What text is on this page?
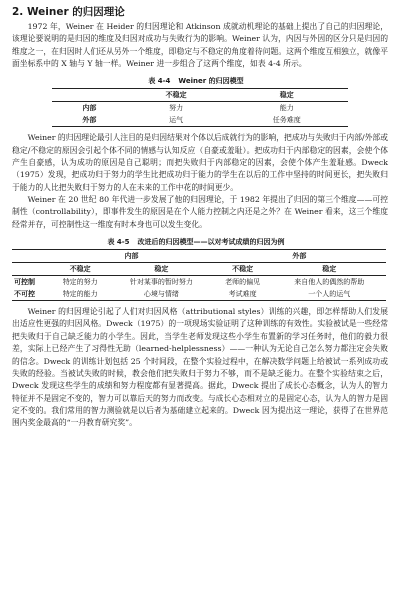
2. Weiner 的归因理论

1972 年，Weiner 在 Heider 的归因理论和 Atkinson 成就动机理论的基础上提出了自己的归因理论，该理论要说明的是归因的维度及归因对成功与失败行为的影响。Weiner 认为，内因与外因的区分只是归因的维度之一，在归因时人们还从另外一个维度，即稳定与不稳定的角度着待问题。这两个维度互相独立，就像平面坐标系中的 X 轴与 Y 轴一样。Weiner 进一步组合了这两个维度，如表 4-4 所示。

表 4-4 Weiner 的归因模型
	不稳定	稳定
内部	努力	能力
外部	运气	任务难度

Weiner 的归因理论最引人注目的是归因结果对个体以后成就行为的影响，把成功与失败归于内部/外部或稳定/不稳定的原因会引起个体不同的情感与认知反应（自豪或羞耻）。把成功归于内部稳定的因素，会使个体产生自豪感，认为成功的原因是自己聪明；而把失败归于内部稳定的因素，会使个体产生羞耻感。Dweck（1975）发现，把成功归于努力的学生比把成功归于能力的学生在以后的工作中坚持的时间更长，把失败归于能力的人比把失败归于努力的人在未来的工作中花的时间更少。

Weiner 在 20 世纪 80 年代进一步发展了他的归因理论，于 1982 年提出了归因的第三个维度——可控制性（controllability），即事件发生的原因是在个人能力控制之内还是之外？在 Weiner 看来，这三个维度经常并存，可控制性这一维度有时本身也可以发生变化。

表 4-5 改进后的归因模型——以对考试成绩的归因为例
	内部		外部	
	不稳定	稳定	不稳定	稳定
可控制	特定的努力	针对某事的暂时努力	老师的偏见	来自他人的偶然的帮助
不可控	特定的能力	心境与情绪	考试难度	一个人的运气

Weiner 的归因理论引起了人们对归因风格（attributional styles）训练的兴趣，即怎样帮助人们发展出适应性更强的归因风格。Dweck（1975）的一项现场实验证明了这种训练的有效性。实验被试是一些经常把失败归于自己缺乏能力的小学生。因此，当学生老师发现这些小学生布置新的学习任务时，他们的毅力很差，实际上已经产生了习得性无助（learned-helplessness）——一种认为无论自己怎么努力都注定会失败的信念。Dweck 的训练计划包括 25 个时间段，在整个实验过程中，在解决数学问题上给被试一系列成功或失败的经验。当被试失败的时候，教会他们把失败归于努力不够，而不是缺乏能力。在整个实验结束之后，Dweck 发现这些学生的成绩和努力程度都有显著提高。据此，Dweck 提出了成长心态概念，认为人的智力特征并不是固定不变的，智力可以靠后天的努力而改变。与成长心态相对立的是固定心态，认为人的智力是固定不变的。我们常用的智力测验就是以后者为基础建立起来的。Dweck 因为提出这一理论，获得了在世界范围内奖金最高的“一丹教育研究奖”。
